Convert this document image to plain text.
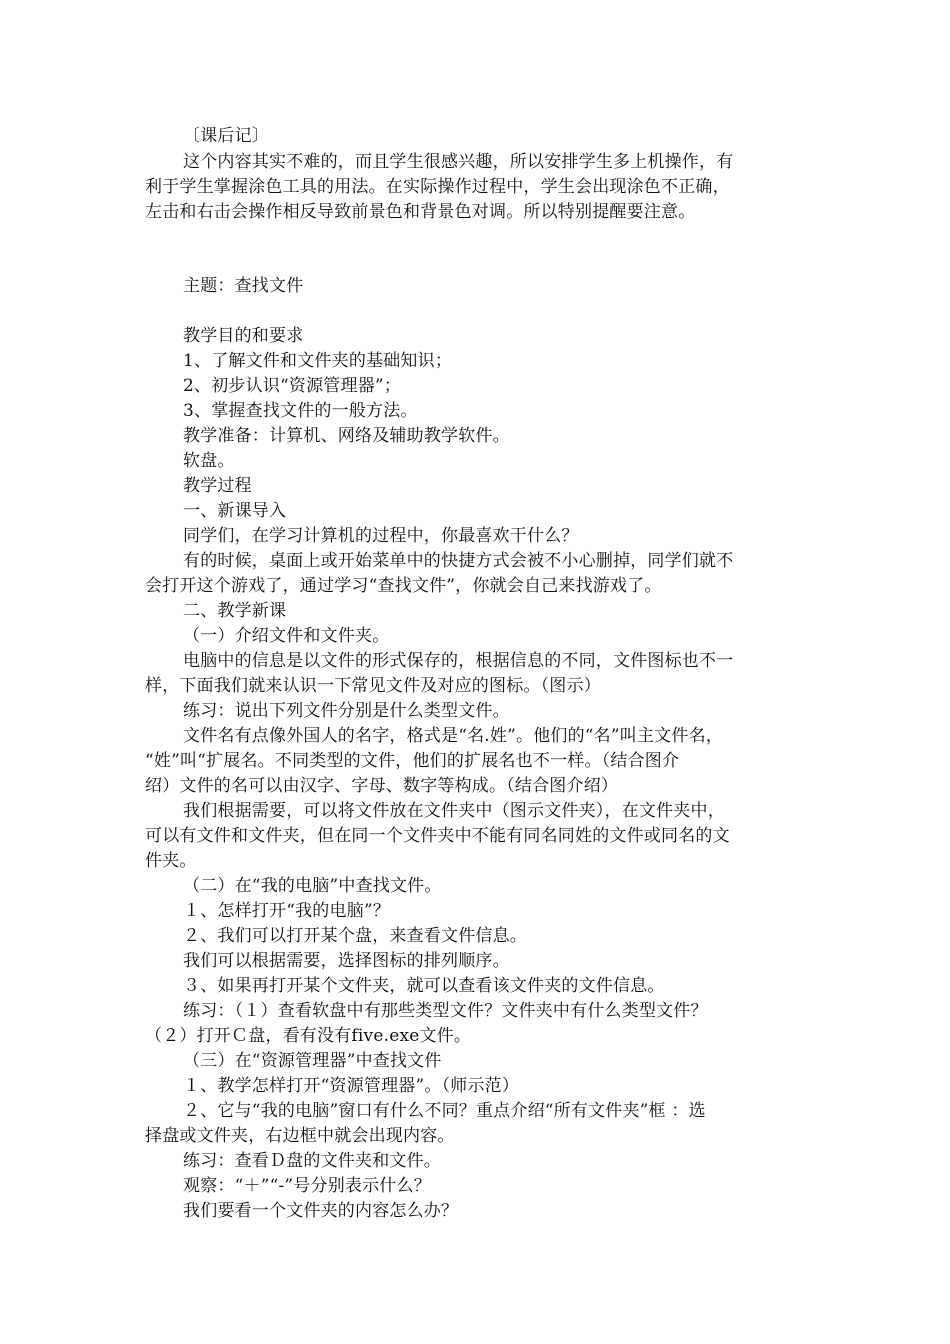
〔课后记〕
这个内容其实不难的，而且学生很感兴趣，所以安排学生多上机操作，有
利于学生掌握涂色工具的用法。在实际操作过程中，学生会出现涂色不正确，
左击和右击会操作相反导致前景色和背景色对调。所以特别提醒要注意。
主题：查找文件
教学目的和要求
1、了解文件和文件夹的基础知识；
2、初步认识“资源管理器”；
3、掌握查找文件的一般方法。
教学准备：计算机、网络及辅助教学软件。
软盘。
教学过程
一、新课导入
同学们，在学习计算机的过程中，你最喜欢干什么？
有的时候，桌面上或开始菜单中的快捷方式会被不小心删掉，同学们就不
会打开这个游戏了，通过学习“查找文件”，你就会自己来找游戏了。
二、教学新课
（一）介绍文件和文件夹。
电脑中的信息是以文件的形式保存的，根据信息的不同，文件图标也不一
样，下面我们就来认识一下常见文件及对应的图标。（图示）
练习：说出下列文件分别是什么类型文件。
文件名有点像外国人的名字，格式是“名.姓”。他们的“名”叫主文件名，
“姓”叫“扩展名。不同类型的文件，他们的扩展名也不一样。（结合图介
绍）文件的名可以由汉字、字母、数字等构成。（结合图介绍）
我们根据需要，可以将文件放在文件夹中（图示文件夹），在文件夹中，
可以有文件和文件夹，但在同一个文件夹中不能有同名同姓的文件或同名的文
件夹。
（二）在“我的电脑”中查找文件。
１、怎样打开“我的电脑”？
２、我们可以打开某个盘，来查看文件信息。
我们可以根据需要，选择图标的排列顺序。
３、如果再打开某个文件夹，就可以查看该文件夹的文件信息。
练习：（１）查看软盘中有那些类型文件？文件夹中有什么类型文件？
（２）打开Ｃ盘，看有没有five.exe文件。
（三）在“资源管理器”中查找文件
１、教学怎样打开“资源管理器”。（师示范）
２、它与“我的电脑”窗口有什么不同？重点介绍“所有文件夹”框 ：选
择盘或文件夹，右边框中就会出现内容。
练习：查看Ｄ盘的文件夹和文件。
观察：“＋”“-”号分别表示什么？
我们要看一个文件夹的内容怎么办？
